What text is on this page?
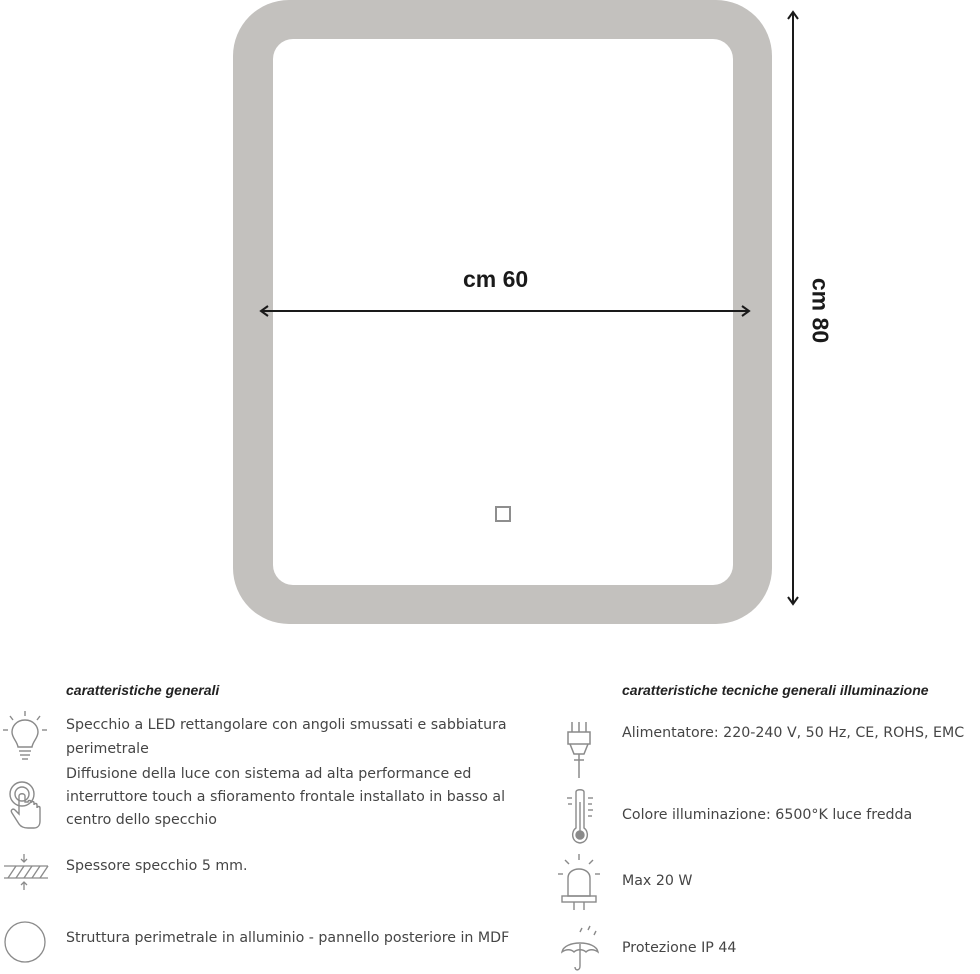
cm 60	cm 80
caratteristiche generali
Specchio a LED rettangolare con angoli smussati e sabbiatura
perimetrale
Diffusione della luce con sistema ad alta performance ed
interruttore touch a sfioramento frontale installato in basso al
centro dello specchio
Spessore specchio 5 mm.
Struttura perimetrale in alluminio - pannello posteriore in MDF
caratteristiche tecniche generali illuminazione
Alimentatore: 220-240 V, 50 Hz, CE, ROHS, EMC
Colore illuminazione: 6500°K luce fredda
Max 20 W
Protezione IP 44
